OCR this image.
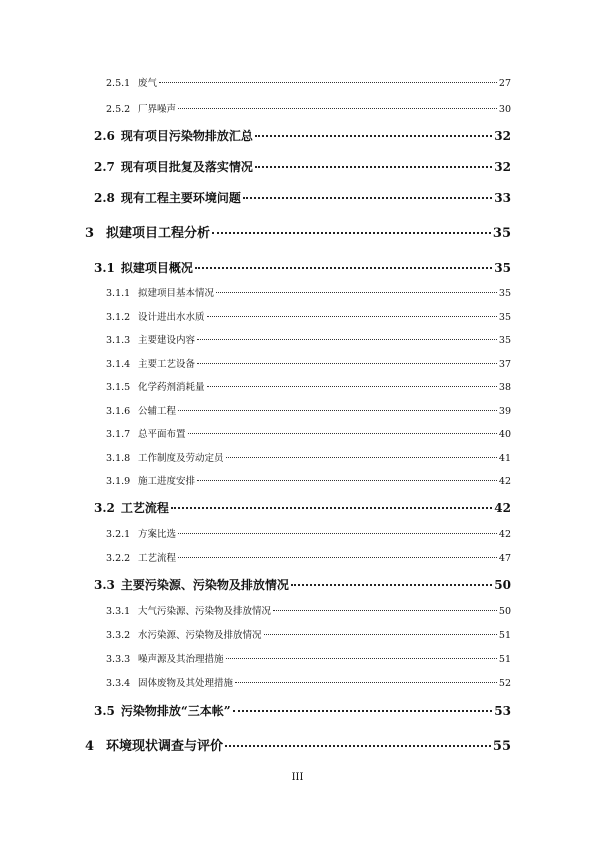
2.5.1 废气	27
2.5.2 厂界噪声	30
2.6 现有项目污染物排放汇总	32
2.7 现有项目批复及落实情况	32
2.8 现有工程主要环境问题	33
3 拟建项目工程分析	35
3.1 拟建项目概况	35
3.1.1 拟建项目基本情况	35
3.1.2 设计进出水水质	35
3.1.3 主要建设内容	35
3.1.4 主要工艺设备	37
3.1.5 化学药剂消耗量	38
3.1.6 公辅工程	39
3.1.7 总平面布置	40
3.1.8 工作制度及劳动定员	41
3.1.9 施工进度安排	42
3.2 工艺流程	42
3.2.1 方案比选	42
3.2.2 工艺流程	47
3.3 主要污染源、污染物及排放情况	50
3.3.1 大气污染源、污染物及排放情况	50
3.3.2 水污染源、污染物及排放情况	51
3.3.3 噪声源及其治理措施	51
3.3.4 固体废物及其处理措施	52
3.5 污染物排放“三本帐”	53
4 环境现状调查与评价	55
III
